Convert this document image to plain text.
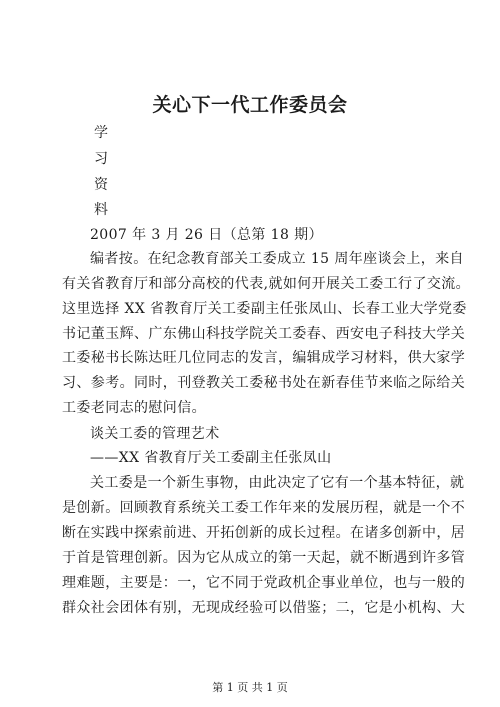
关心下一代工作委员会
学
习
资
料
2007 年 3 月 26 日（总第 18 期）
编者按。在纪念教育部关工委成立 15 周年座谈会上，来自
有关省教育厅和部分高校的代表,就如何开展关工委工行了交流。
这里选择 XX 省教育厅关工委副主任张凤山、长春工业大学党委
书记董玉辉、广东佛山科技学院关工委春、西安电子科技大学关
工委秘书长陈达旺几位同志的发言，编辑成学习材料，供大家学
习、参考。同时，刊登教关工委秘书处在新春佳节来临之际给关
工委老同志的慰问信。
谈关工委的管理艺术
——XX 省教育厅关工委副主任张凤山
关工委是一个新生事物，由此决定了它有一个基本特征，就
是创新。回顾教育系统关工委工作年来的发展历程，就是一个不
断在实践中探索前进、开拓创新的成长过程。在诸多创新中，居
于首是管理创新。因为它从成立的第一天起，就不断遇到许多管
理难题，主要是：一，它不同于党政机企事业单位，也与一般的
群众社会团体有别，无现成经验可以借鉴；二，它是小机构、大
第 1 页 共 1 页
